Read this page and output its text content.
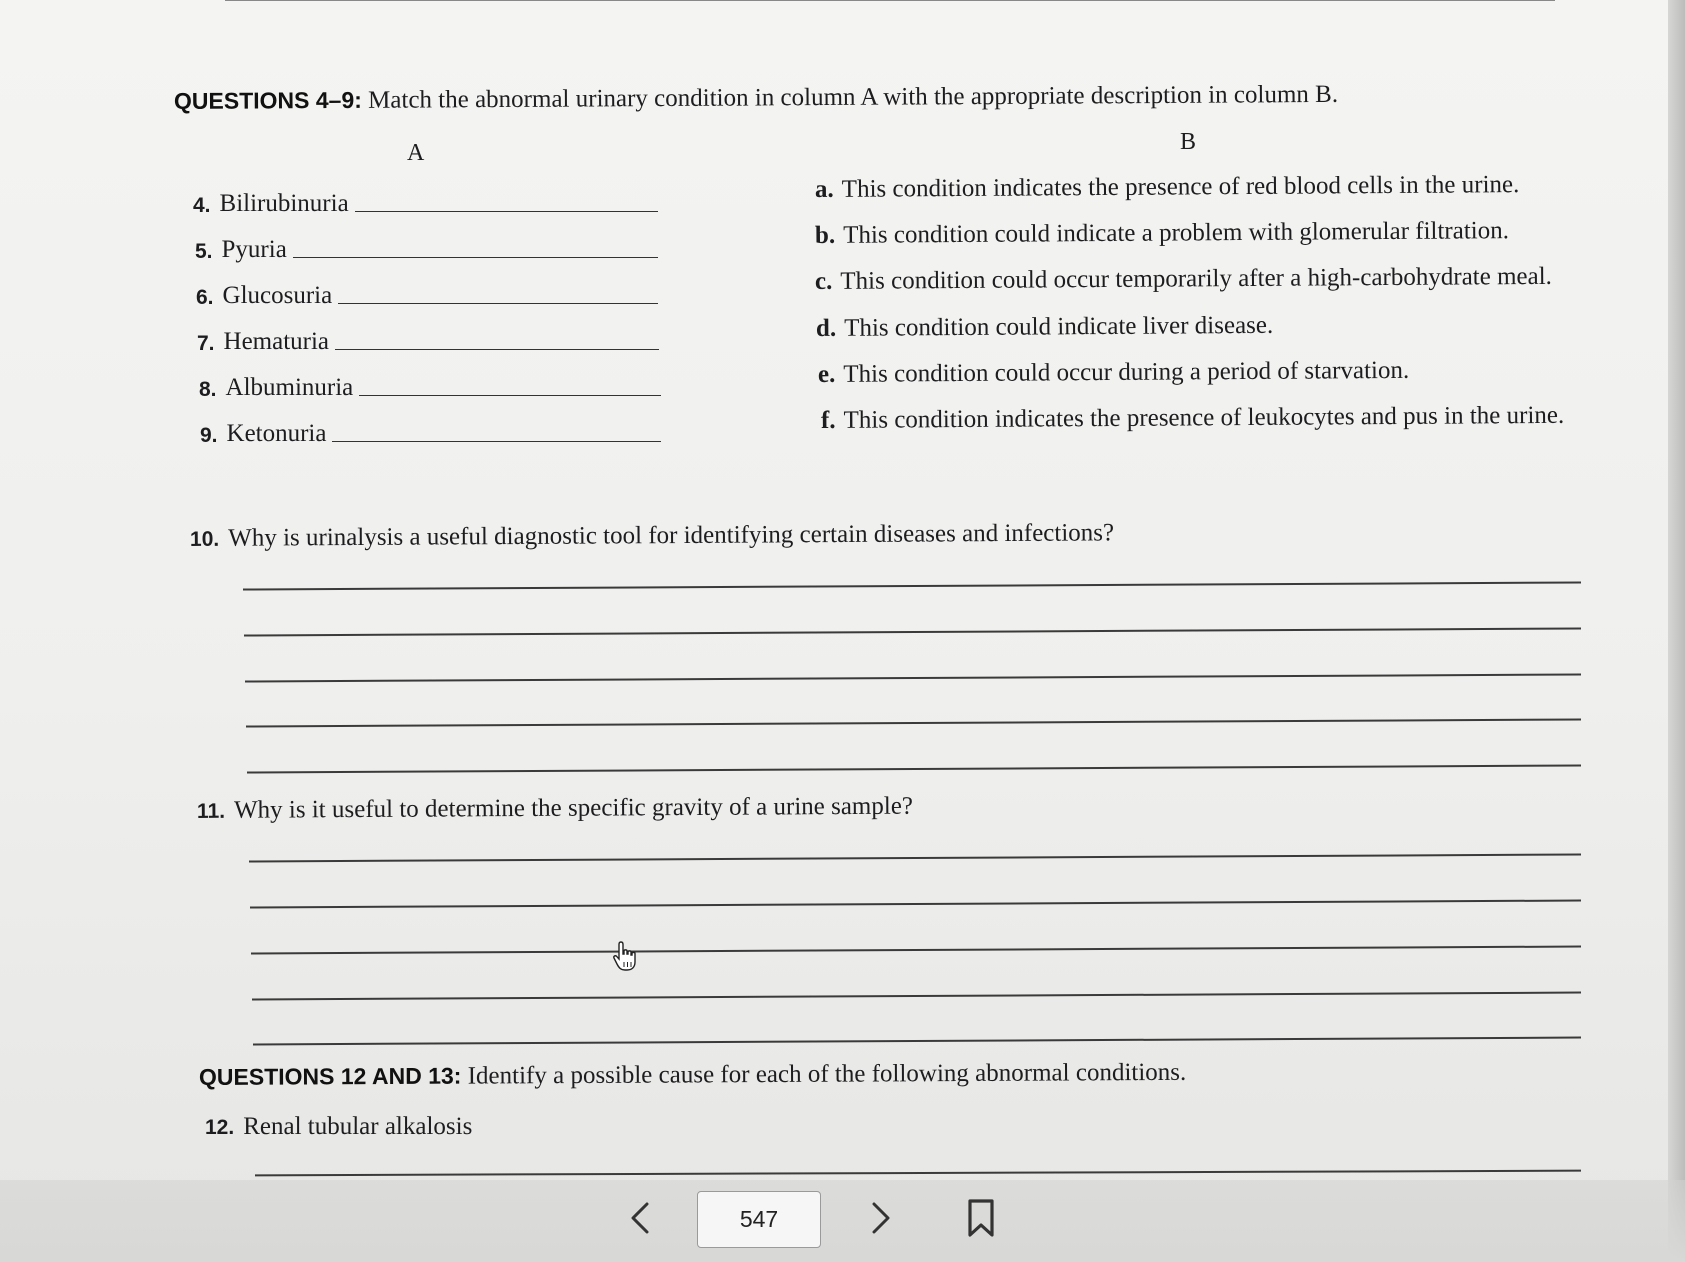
QUESTIONS 4–9: Match the abnormal urinary condition in column A with the appropriate description in column B.
A	B
4. Bilirubinuria
5. Pyuria
6. Glucosuria
7. Hematuria
8. Albuminuria
9. Ketonuria
a. This condition indicates the presence of red blood cells in the urine.
b. This condition could indicate a problem with glomerular filtration.
c. This condition could occur temporarily after a high-carbohydrate meal.
d. This condition could indicate liver disease.
e. This condition could occur during a period of starvation.
f. This condition indicates the presence of leukocytes and pus in the urine.
10. Why is urinalysis a useful diagnostic tool for identifying certain diseases and infections?
11. Why is it useful to determine the specific gravity of a urine sample?
QUESTIONS 12 AND 13: Identify a possible cause for each of the following abnormal conditions.
12. Renal tubular alkalosis
547
